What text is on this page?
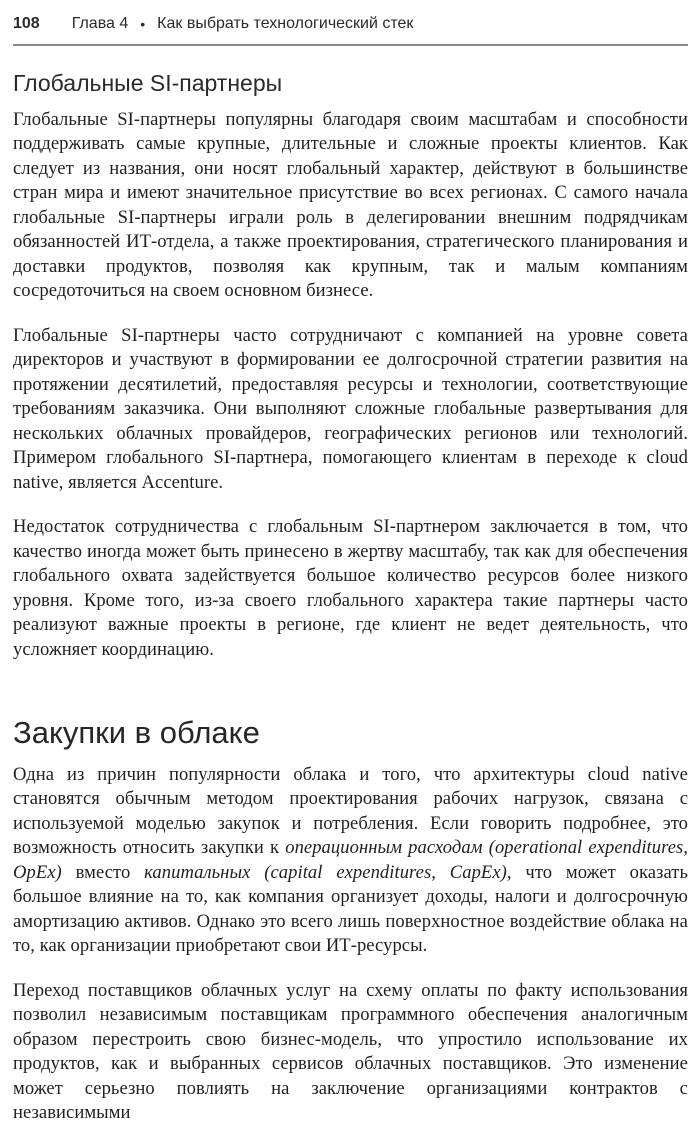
108 Глава 4 • Как выбрать технологический стек
Глобальные SI-партнеры

Глобальные SI-партнеры популярны благодаря своим масштабам и способности поддерживать самые крупные, длительные и сложные проекты клиентов. Как следует из названия, они носят глобальный характер, действуют в большинстве стран мира и имеют значительное присутствие во всех регионах. С самого начала глобальные SI-партнеры играли роль в делегировании внешним подрядчикам обязанностей ИТ-отдела, а также проектирования, стратегического планирования и доставки продуктов, позволяя как крупным, так и малым компаниям сосредоточиться на своем основном бизнесе.

Глобальные SI-партнеры часто сотрудничают с компанией на уровне совета директоров и участвуют в формировании ее долгосрочной стратегии развития на протяжении десятилетий, предоставляя ресурсы и технологии, соответствующие требованиям заказчика. Они выполняют сложные глобальные развертывания для нескольких облачных провайдеров, географических регионов или технологий. Примером глобального SI-партнера, помогающего клиентам в переходе к cloud native, является Accenture.

Недостаток сотрудничества с глобальным SI-партнером заключается в том, что качество иногда может быть принесено в жертву масштабу, так как для обеспечения глобального охвата задействуется большое количество ресурсов более низкого уровня. Кроме того, из-за своего глобального характера такие партнеры часто реализуют важные проекты в регионе, где клиент не ведет деятельность, что усложняет координацию.

Закупки в облаке

Одна из причин популярности облака и того, что архитектуры cloud native становятся обычным методом проектирования рабочих нагрузок, связана с используемой моделью закупок и потребления. Если говорить подробнее, это возможность относить закупки к операционным расходам (operational expenditures, OpEx) вместо капитальных (capital expenditures, CapEx), что может оказать большое влияние на то, как компания организует доходы, налоги и долгосрочную амортизацию активов. Однако это всего лишь поверхностное воздействие облака на то, как организации приобретают свои ИТ-ресурсы.

Переход поставщиков облачных услуг на схему оплаты по факту использования позволил независимым поставщикам программного обеспечения аналогичным образом перестроить свою бизнес-модель, что упростило использование их продуктов, как и выбранных сервисов облачных поставщиков. Это изменение может серьезно повлиять на заключение организациями контрактов с независимыми
